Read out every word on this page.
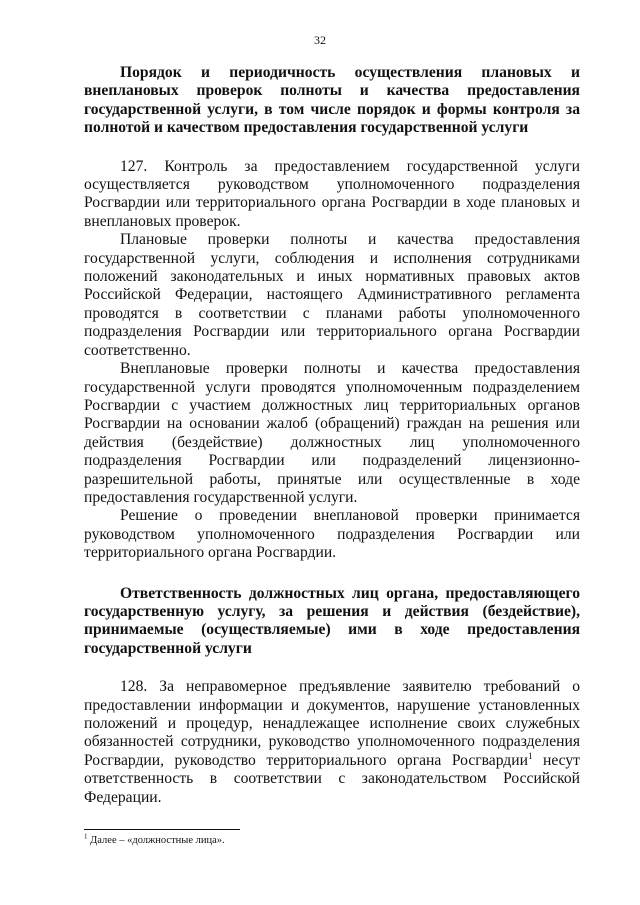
32

Порядок и периодичность осуществления плановых и внеплановых проверок полноты и качества предоставления государственной услуги, в том числе порядок и формы контроля за полнотой и качеством предоставления государственной услуги

127. Контроль за предоставлением государственной услуги осуществляется руководством уполномоченного подразделения Росгвардии или территориального органа Росгвардии в ходе плановых и внеплановых проверок.

Плановые проверки полноты и качества предоставления государственной услуги, соблюдения и исполнения сотрудниками положений законодательных и иных нормативных правовых актов Российской Федерации, настоящего Административного регламента проводятся в соответствии с планами работы уполномоченного подразделения Росгвардии или территориального органа Росгвардии соответственно.

Внеплановые проверки полноты и качества предоставления государственной услуги проводятся уполномоченным подразделением Росгвардии с участием должностных лиц территориальных органов Росгвардии на основании жалоб (обращений) граждан на решения или действия (бездействие) должностных лиц уполномоченного подразделения Росгвардии или подразделений лицензионно-разрешительной работы, принятые или осуществленные в ходе предоставления государственной услуги.

Решение о проведении внеплановой проверки принимается руководством уполномоченного подразделения Росгвардии или территориального органа Росгвардии.

Ответственность должностных лиц органа, предоставляющего государственную услугу, за решения и действия (бездействие), принимаемые (осуществляемые) ими в ходе предоставления государственной услуги

128. За неправомерное предъявление заявителю требований о предоставлении информации и документов, нарушение установленных положений и процедур, ненадлежащее исполнение своих служебных обязанностей сотрудники, руководство уполномоченного подразделения Росгвардии, руководство территориального органа Росгвардии$^1$ несут ответственность в соответствии с законодательством Российской Федерации.

$^1$ Далее – «должностные лица».
